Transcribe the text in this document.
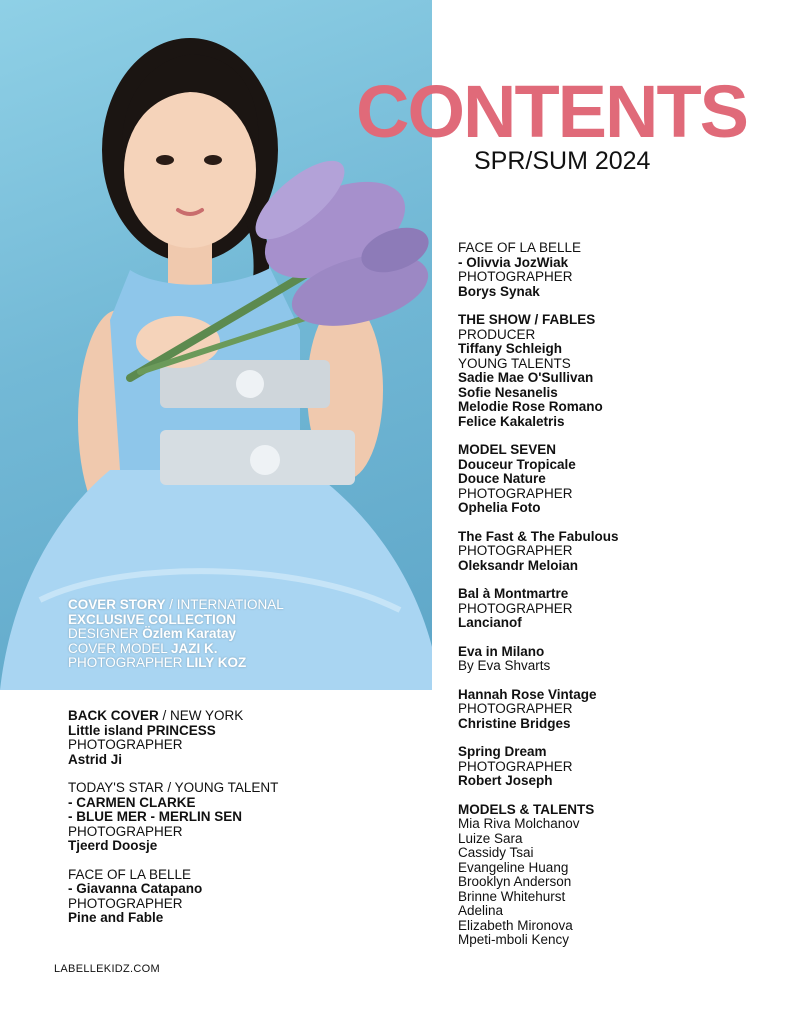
COVER STORY / INTERNATIONAL
EXCLUSIVE COLLECTION
DESIGNER Özlem Karatay
COVER MODEL JAZI K.
PHOTOGRAPHER LILY KOZ
CONTENTS
SPR/SUM 2024
FACE OF LA BELLE
- Olivvia JozWiak
PHOTOGRAPHER
Borys Synak
THE SHOW / FABLES
PRODUCER
Tiffany Schleigh
YOUNG TALENTS
Sadie Mae O'Sullivan
Sofie Nesanelis
Melodie Rose Romano
Felice Kakaletris
MODEL SEVEN
Douceur Tropicale
Douce Nature
PHOTOGRAPHER
Ophelia Foto
The Fast & The Fabulous
PHOTOGRAPHER
Oleksandr Meloian
Bal à Montmartre
PHOTOGRAPHER
Lancianof
Eva in Milano
By Eva Shvarts
Hannah Rose Vintage
PHOTOGRAPHER
Christine Bridges
Spring Dream
PHOTOGRAPHER
Robert Joseph
MODELS & TALENTS
Mia Riva Molchanov
Luize Sara
Cassidy Tsai
Evangeline Huang
Brooklyn Anderson
Brinne Whitehurst
Adelina
Elizabeth Mironova
Mpeti-mboli Kency
BACK COVER / NEW YORK
Little island PRINCESS
PHOTOGRAPHER
Astrid Ji
TODAY'S STAR / YOUNG TALENT
- CARMEN CLARKE
- BLUE MER - MERLIN SEN
PHOTOGRAPHER
Tjeerd Doosje
FACE OF LA BELLE
- Giavanna Catapano
PHOTOGRAPHER
Pine and Fable
LABELLEKIDZ.COM
